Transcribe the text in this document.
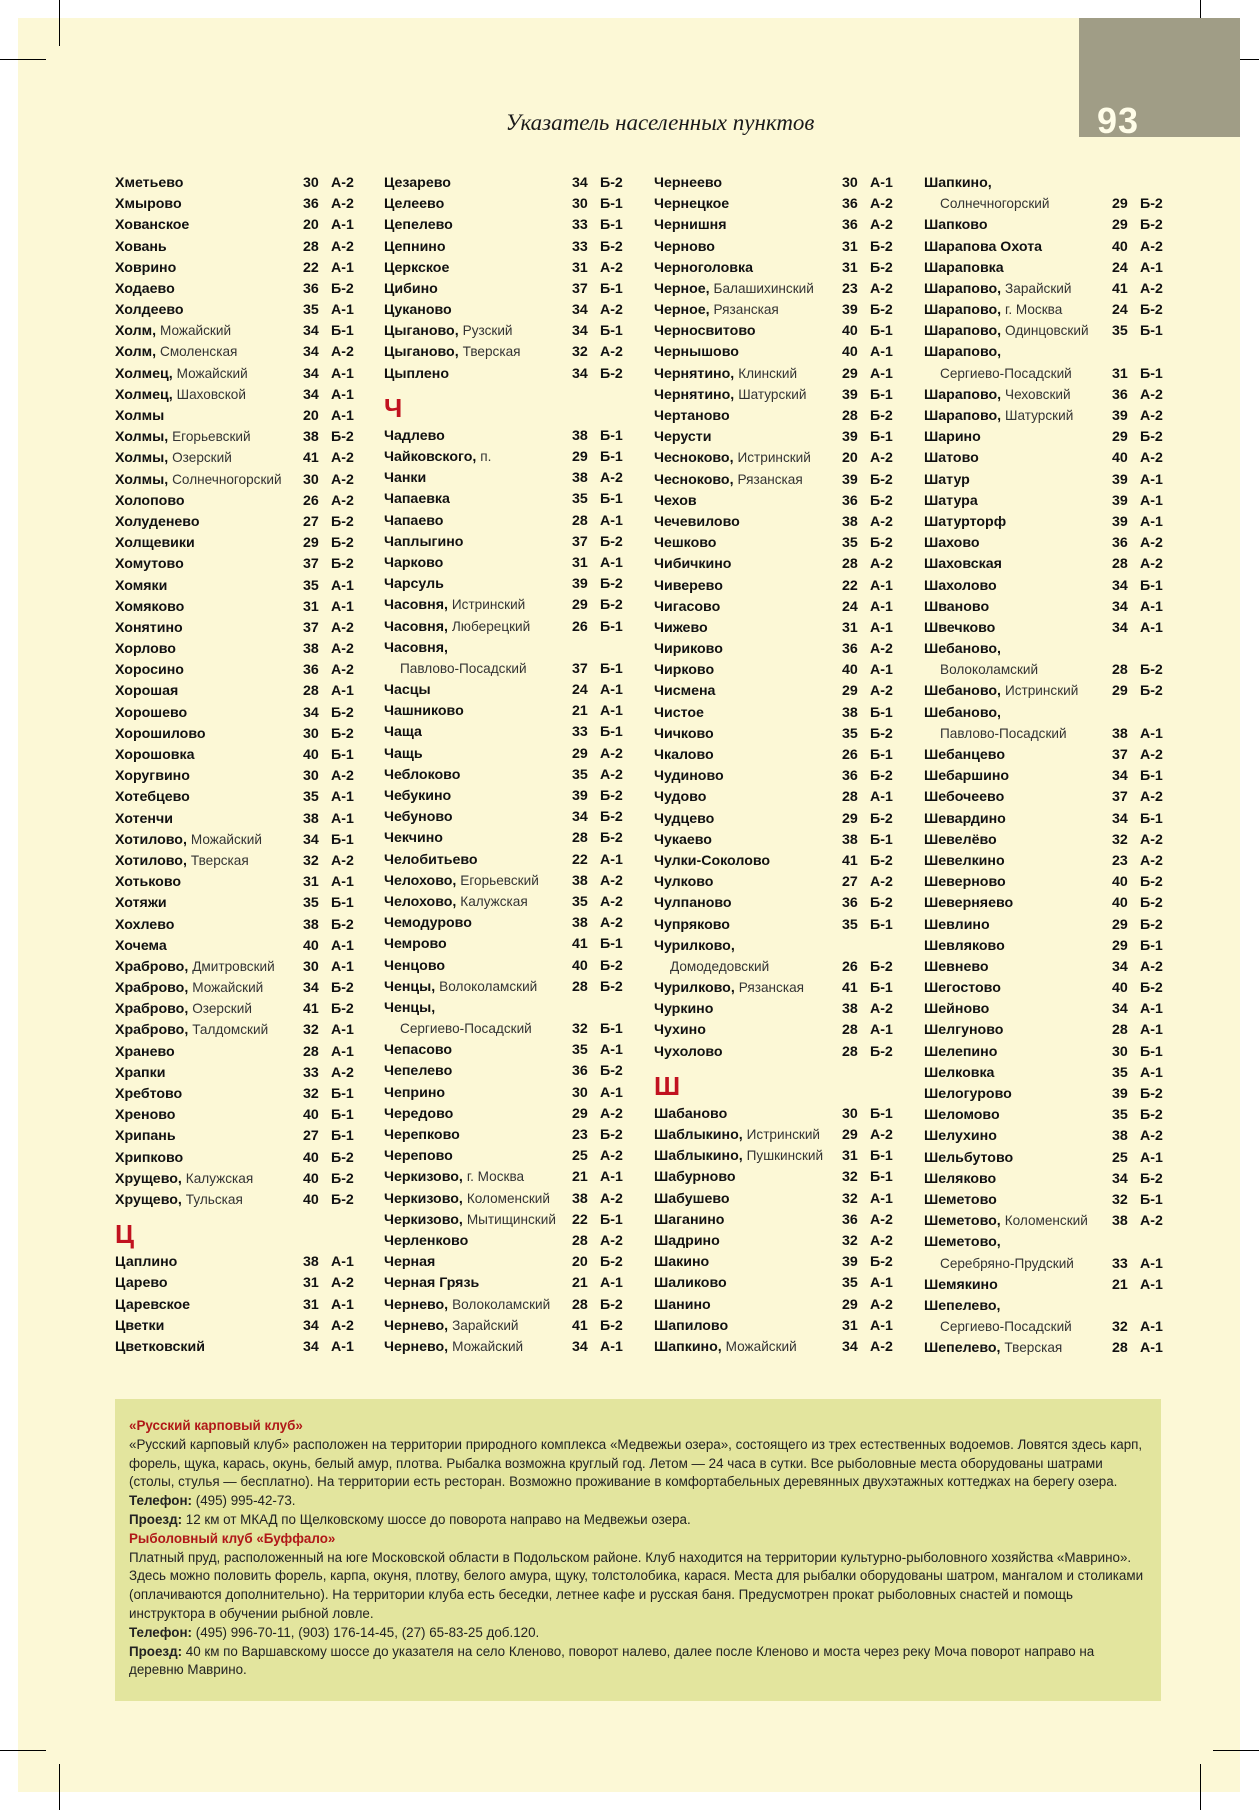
93
Указатель населенных пунктов
Хметьево	30 А-2
Хмырово	36 А-2
Хованское	20 А-1
Ховань	28 А-2
Ховрино	22 А-1
Ходаево	36 Б-2
Холдеево	35 А-1
Холм, Можайский	34 Б-1
Холм, Смоленская	34 А-2
Холмец, Можайский	34 А-1
Холмец, Шаховской	34 А-1
Холмы	20 А-1
Холмы, Егорьевский	38 Б-2
Холмы, Озерский	41 А-2
Холмы, Солнечногорский	30 А-2
Холопово	26 А-2
Холуденево	27 Б-2
Холщевики	29 Б-2
Хомутово	37 Б-2
Хомяки	35 А-1
Хомяково	31 А-1
Хонятино	37 А-2
Хорлово	38 А-2
Хоросино	36 А-2
Хорошая	28 А-1
Хорошево	34 Б-2
Хорошилово	30 Б-2
Хорошовка	40 Б-1
Хоругвино	30 А-2
Хотебцево	35 А-1
Хотенчи	38 А-1
Хотилово, Можайский	34 Б-1
Хотилово, Тверская	32 А-2
Хотьково	31 А-1
Хотяжи	35 Б-1
Хохлево	38 Б-2
Хочема	40 А-1
Храброво, Дмитровский	30 А-1
Храброво, Можайский	34 Б-2
Храброво, Озерский	41 Б-2
Храброво, Талдомский	32 А-1
Хранево	28 А-1
Храпки	33 А-2
Хребтово	32 Б-1
Хреново	40 Б-1
Хрипань	27 Б-1
Хрипково	40 Б-2
Хрущево, Калужская	40 Б-2
Хрущево, Тульская	40 Б-2
Ц
Цаплино	38 А-1
Царево	31 А-2
Царевское	31 А-1
Цветки	34 А-2
Цветковский	34 А-1
Цезарево	34 Б-2
Целеево	30 Б-1
Цепелево	33 Б-1
Цепнино	33 Б-2
Церкское	31 А-2
Цибино	37 Б-1
Цуканово	34 А-2
Цыганово, Рузский	34 Б-1
Цыганово, Тверская	32 А-2
Цыплено	34 Б-2
Ч
Чадлево	38 Б-1
Чайковского, п.	29 Б-1
Чанки	38 А-2
Чапаевка	35 Б-1
Чапаево	28 А-1
Чаплыгино	37 Б-2
Чарково	31 А-1
Чарсуль	39 Б-2
Часовня, Истринский	29 Б-2
Часовня, Люберецкий	26 Б-1
Часовня,
Павлово-Посадский	37 Б-1
Часцы	24 А-1
Чашниково	21 А-1
Чаща	33 Б-1
Чащь	29 А-2
Чеблоково	35 А-2
Чебукино	39 Б-2
Чебуново	34 Б-2
Чекчино	28 Б-2
Челобитьево	22 А-1
Челохово, Егорьевский	38 А-2
Челохово, Калужская	35 А-2
Чемодурово	38 А-2
Чемрово	41 Б-1
Ченцово	40 Б-2
Ченцы, Волоколамский	28 Б-2
Ченцы,
Сергиево-Посадский	32 Б-1
Чепасово	35 А-1
Чепелево	36 Б-2
Чеприно	30 А-1
Чередово	29 А-2
Черепково	23 Б-2
Черепово	25 А-2
Черкизово, г. Москва	21 А-1
Черкизово, Коломенский	38 А-2
Черкизово, Мытищинский	22 Б-1
Черленково	28 А-2
Черная	20 Б-2
Черная Грязь	21 А-1
Чернево, Волоколамский	28 Б-2
Чернево, Зарайский	41 Б-2
Чернево, Можайский	34 А-1
Чернеево	30 А-1
Чернецкое	36 А-2
Чернишня	36 А-2
Черново	31 Б-2
Черноголовка	31 Б-2
Черное, Балашихинский	23 А-2
Черное, Рязанская	39 Б-2
Черносвитово	40 Б-1
Чернышово	40 А-1
Чернятино, Клинский	29 А-1
Чернятино, Шатурский	39 Б-1
Чертаново	28 Б-2
Черусти	39 Б-1
Чесноково, Истринский	20 А-2
Чесноково, Рязанская	39 Б-2
Чехов	36 Б-2
Чечевилово	38 А-2
Чешково	35 Б-2
Чибичкино	28 А-2
Чиверево	22 А-1
Чигасово	24 А-1
Чижево	31 А-1
Чириково	36 А-2
Чирково	40 А-1
Чисмена	29 А-2
Чистое	38 Б-1
Чичково	35 Б-2
Чкалово	26 Б-1
Чудиново	36 Б-2
Чудово	28 А-1
Чудцево	29 Б-2
Чукаево	38 Б-1
Чулки-Соколово	41 Б-2
Чулково	27 А-2
Чулпаново	36 Б-2
Чупряково	35 Б-1
Чурилково,
Домодедовский	26 Б-2
Чурилково, Рязанская	41 Б-1
Чуркино	38 А-2
Чухино	28 А-1
Чухолово	28 Б-2
Ш
Шабаново	30 Б-1
Шаблыкино, Истринский	29 А-2
Шаблыкино, Пушкинский	31 Б-1
Шабурново	32 Б-1
Шабушево	32 А-1
Шаганино	36 А-2
Шадрино	32 А-2
Шакино	39 Б-2
Шаликово	35 А-1
Шанино	29 А-2
Шапилово	31 А-1
Шапкино, Можайский	34 А-2
Шапкино,
Солнечногорский	29 Б-2
Шапково	29 Б-2
Шарапова Охота	40 А-2
Шараповка	24 А-1
Шарапово, Зарайский	41 А-2
Шарапово, г. Москва	24 Б-2
Шарапово, Одинцовский	35 Б-1
Шарапово,
Сергиево-Посадский	31 Б-1
Шарапово, Чеховский	36 А-2
Шарапово, Шатурский	39 А-2
Шарино	29 Б-2
Шатово	40 А-2
Шатур	39 А-1
Шатура	39 А-1
Шатурторф	39 А-1
Шахово	36 А-2
Шаховская	28 А-2
Шахолово	34 Б-1
Шваново	34 А-1
Швечково	34 А-1
Шебаново,
Волоколамский	28 Б-2
Шебаново, Истринский	29 Б-2
Шебаново,
Павлово-Посадский	38 А-1
Шебанцево	37 А-2
Шебаршино	34 Б-1
Шебочеево	37 А-2
Шевардино	34 Б-1
Шевелёво	32 А-2
Шевелкино	23 А-2
Шеверново	40 Б-2
Шеверняево	40 Б-2
Шевлино	29 Б-2
Шевляково	29 Б-1
Шевнево	34 А-2
Шегостово	40 Б-2
Шейново	34 А-1
Шелгуново	28 А-1
Шелепино	30 Б-1
Шелковка	35 А-1
Шелогурово	39 Б-2
Шеломово	35 Б-2
Шелухино	38 А-2
Шельбутово	25 А-1
Шеляково	34 Б-2
Шеметово	32 Б-1
Шеметово, Коломенский	38 А-2
Шеметово,
Серебряно-Прудский	33 А-1
Шемякино	21 А-1
Шепелево,
Сергиево-Посадский	32 А-1
Шепелево, Тверская	28 А-1
«Русский карповый клуб»
«Русский карповый клуб» расположен на территории природного комплекса «Медвежьи озера», состоящего из трех естественных водоемов. Ловятся здесь карп, форель, щука, карась, окунь, белый амур, плотва. Рыбалка возможна круглый год. Летом — 24 часа в сутки. Все рыболовные места оборудованы шатрами (столы, стулья — бесплатно). На территории есть ресторан. Возможно проживание в комфортабельных деревянных двухэтажных коттеджах на берегу озера.
Телефон: (495) 995-42-73.
Проезд: 12 км от МКАД по Щелковскому шоссе до поворота направо на Медвежьи озера.
Рыболовный клуб «Буффало»
Платный пруд, расположенный на юге Московской области в Подольском районе. Клуб находится на территории культурно-рыболовного хозяйства «Маврино». Здесь можно половить форель, карпа, окуня, плотву, белого амура, щуку, толстолобика, карася. Места для рыбалки оборудованы шатром, мангалом и столиками (оплачиваются дополнительно). На территории клуба есть беседки, летнее кафе и русская баня. Предусмотрен прокат рыболовных снастей и помощь инструктора в обучении рыбной ловле.
Телефон: (495) 996-70-11, (903) 176-14-45, (27) 65-83-25 доб.120.
Проезд: 40 км по Варшавскому шоссе до указателя на село Кленово, поворот налево, далее после Кленово и моста через реку Моча поворот направо на деревню Маврино.
